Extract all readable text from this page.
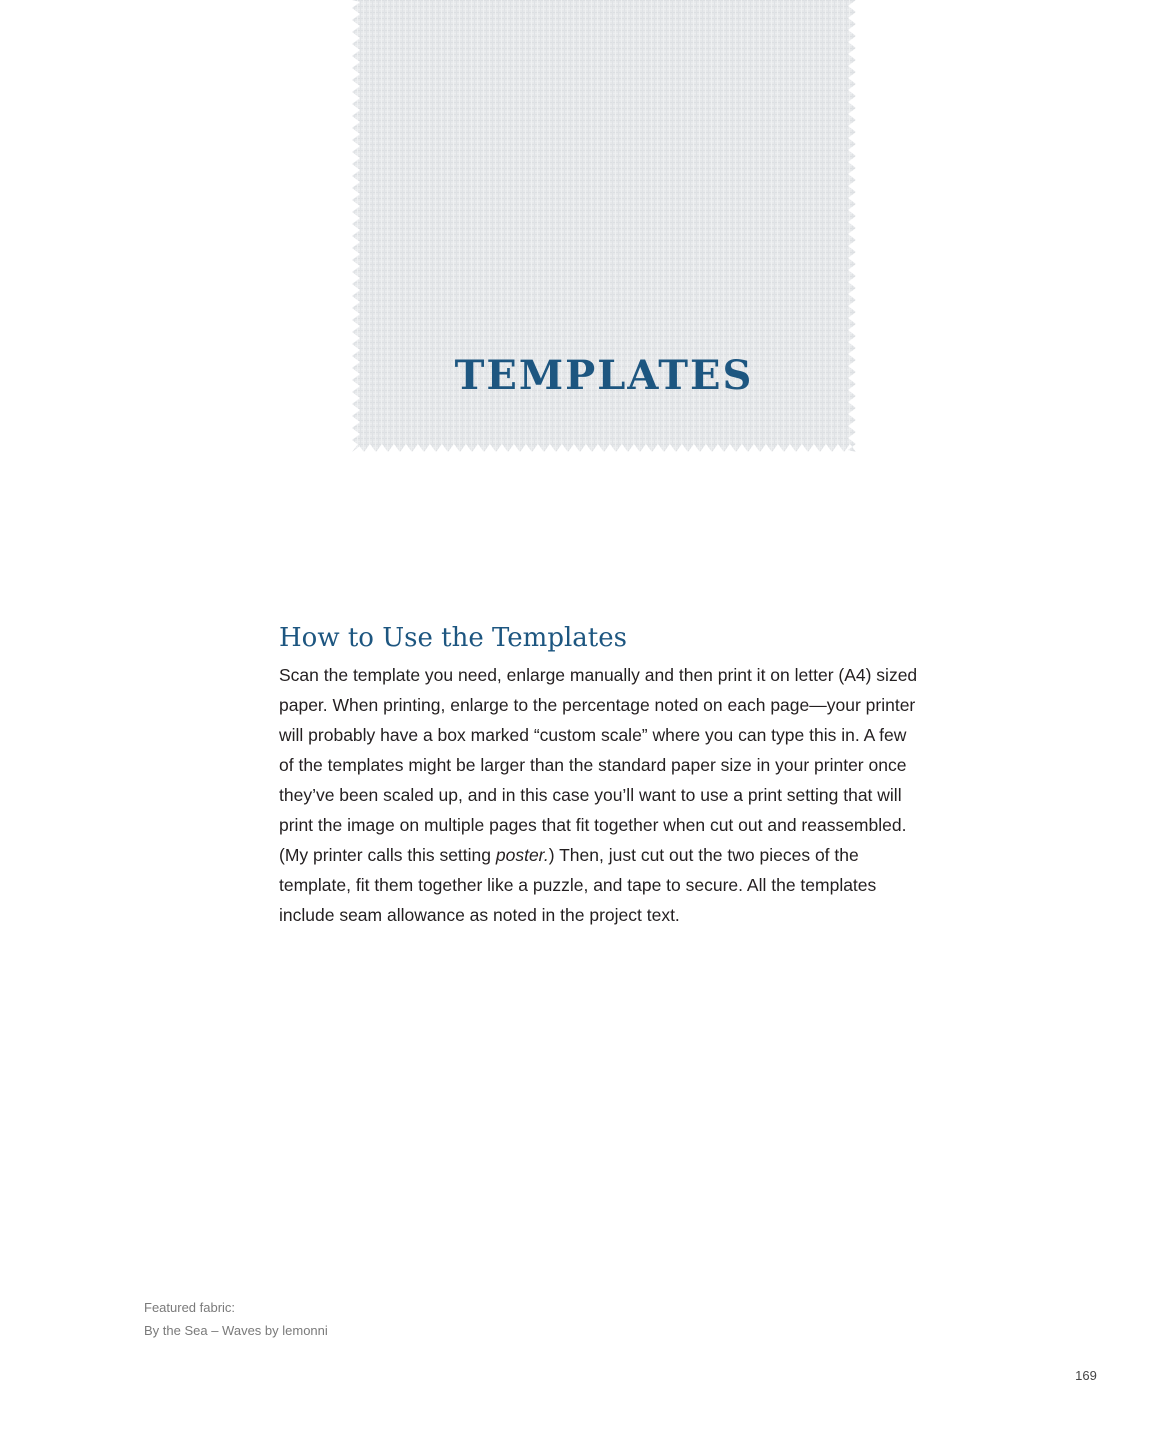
TEMPLATES
How to Use the Templates

Scan the template you need, enlarge manually and then print it on letter (A4) sized paper. When printing, enlarge to the percentage noted on each page—your printer will probably have a box marked “custom scale” where you can type this in. A few of the templates might be larger than the standard paper size in your printer once they’ve been scaled up, and in this case you’ll want to use a print setting that will print the image on multiple pages that fit together when cut out and reassembled. (My printer calls this setting poster.) Then, just cut out the two pieces of the template, fit them together like a puzzle, and tape to secure. All the templates include seam allowance as noted in the project text.

Featured fabric:
By the Sea – Waves by lemonni
169
